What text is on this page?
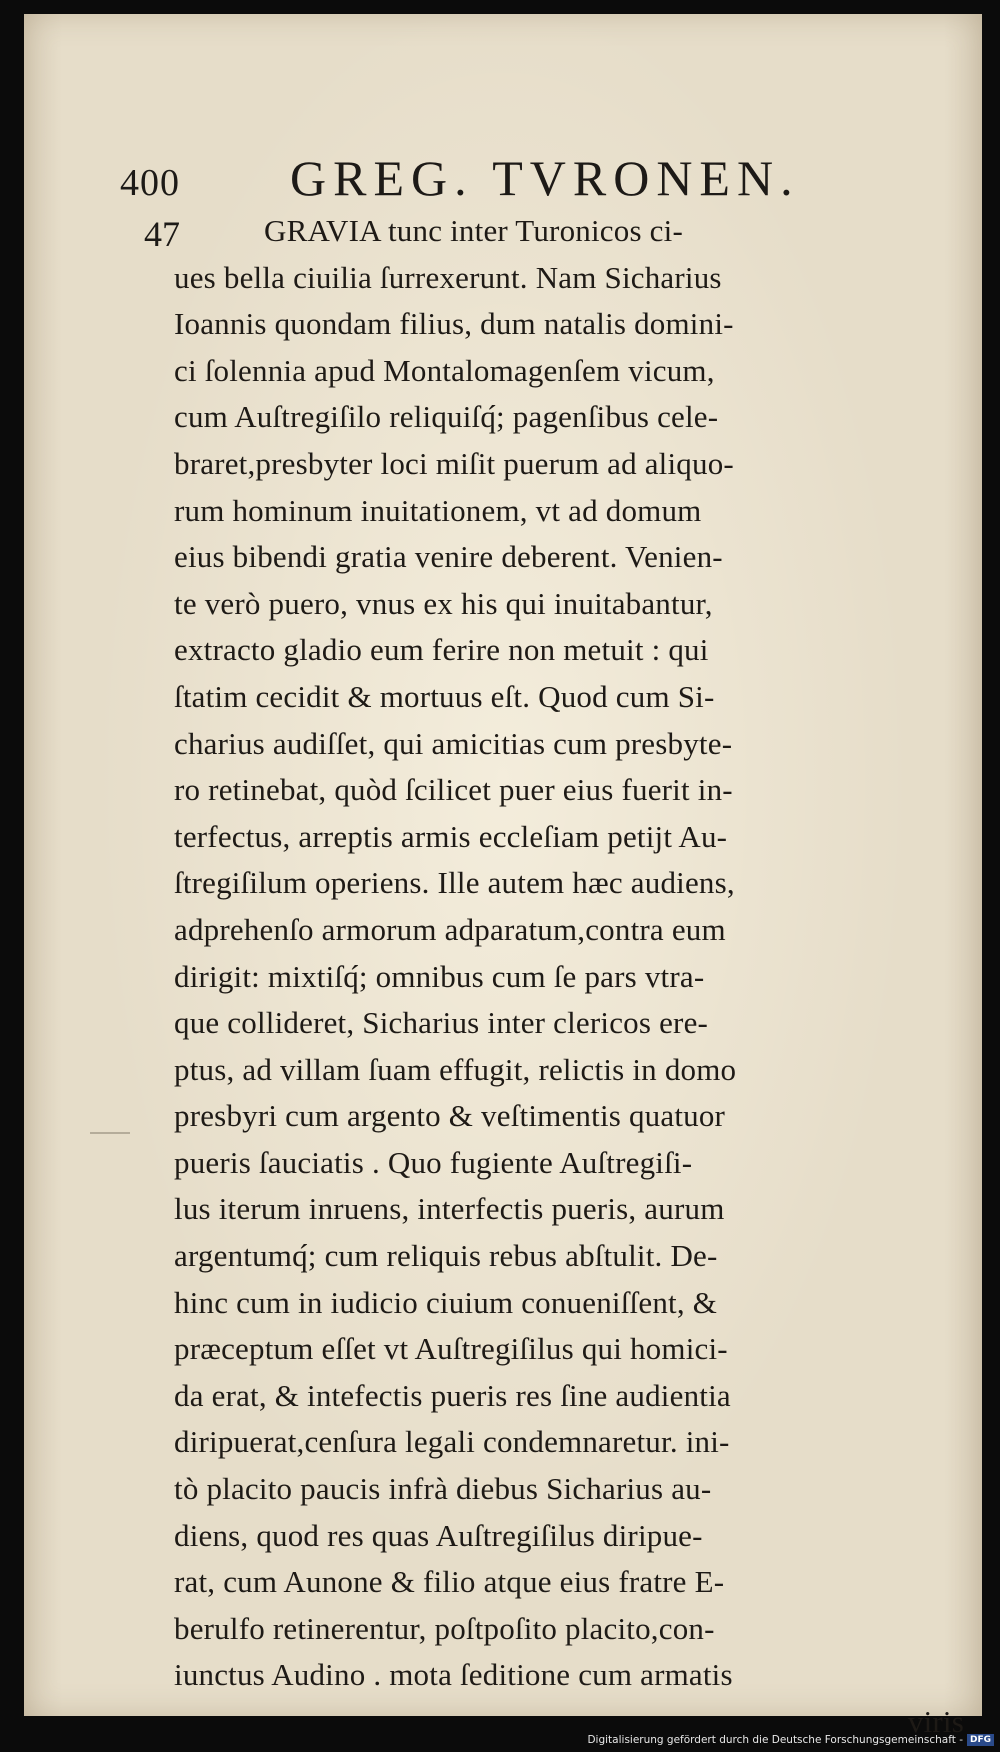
400 GREG. TVRONEN.
47	GRAVIA tunc inter Turonicos ci-
ues bella ciuilia ſurrexerunt. Nam Sicharius
Ioannis quondam filius, dum natalis domini-
ci ſolennia apud Montalomagenſem vicum,
cum Auſtregiſilo reliquiſq́; pagenſibus cele-
braret,presbyter loci miſit puerum ad aliquo-
rum hominum inuitationem, vt ad domum
eius bibendi gratia venire deberent. Venien-
te verò puero, vnus ex his qui inuitabantur,
extracto gladio eum ferire non metuit : qui
ſtatim cecidit & mortuus eſt. Quod cum Si-
charius audiſſet, qui amicitias cum presbyte-
ro retinebat, quòd ſcilicet puer eius fuerit in-
terfectus, arreptis armis eccleſiam petijt Au-
ſtregiſilum operiens. Ille autem hæc audiens,
adprehenſo armorum adparatum,contra eum
dirigit: mixtiſq́; omnibus cum ſe pars vtra-
que collideret, Sicharius inter clericos ere-
ptus, ad villam ſuam effugit, relictis in domo
presbyri cum argento & veſtimentis quatuor
pueris ſauciatis . Quo fugiente Auſtregiſi-
lus iterum inruens, interfectis pueris, aurum
argentumq́; cum reliquis rebus abſtulit. De-
hinc cum in iudicio ciuium conueniſſent, &
præceptum eſſet vt Auſtregiſilus qui homici-
da erat, & intefectis pueris res ſine audientia
diripuerat,cenſura legali condemnaretur. ini-
tò placito paucis infrà diebus Sicharius au-
diens, quod res quas Auſtregiſilus diripue-
rat, cum Aunone & filio atque eius fratre E-
berulfo retinerentur, poſtpoſito placito,con-
iunctus Audino . mota ſeditione cum armatis
viris
Digitalisierung gefördert durch die Deutsche Forschungsgemeinschaft - DFG
